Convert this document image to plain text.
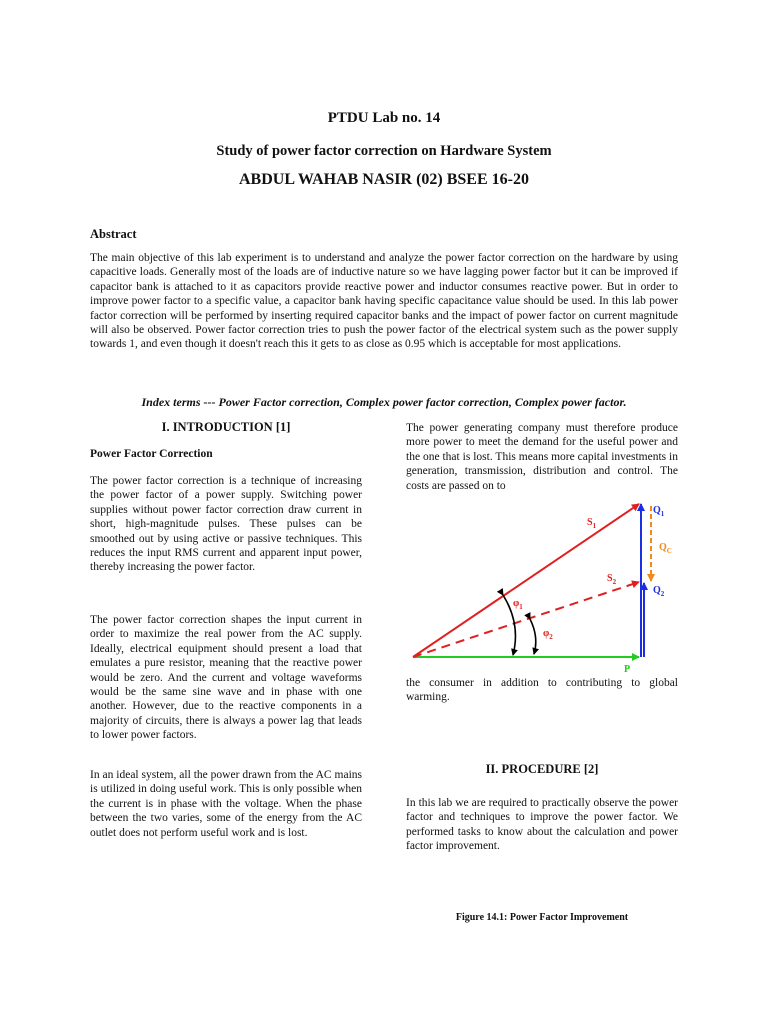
PTDU Lab no. 14
Study of power factor correction on Hardware System
ABDUL WAHAB NASIR (02) BSEE 16-20
Abstract
The main objective of this lab experiment is to understand and analyze the power factor correction on the hardware by using capacitive loads. Generally most of the loads are of inductive nature so we have lagging power factor but it can be improved if capacitor bank is attached to it as capacitors provide reactive power and inductor consumes reactive power. But in order to improve power factor to a specific value, a capacitor bank having specific capacitance value should be used. In this lab power factor correction will be performed by inserting required capacitor banks and the impact of power factor on current magnitude will also be observed. Power factor correction tries to push the power factor of the electrical system such as the power supply towards 1, and even though it doesn't reach this it gets to as close as 0.95 which is acceptable for most applications.
Index terms --- Power Factor correction, Complex power factor correction, Complex power factor.
I. INTRODUCTION [1]
Power Factor Correction
The power factor correction is a technique of increasing the power factor of a power supply. Switching power supplies without power factor correction draw current in short, high-magnitude pulses. These pulses can be smoothed out by using active or passive techniques. This reduces the input RMS current and apparent input power, thereby increasing the power factor.
The power factor correction shapes the input current in order to maximize the real power from the AC supply. Ideally, electrical equipment should present a load that emulates a pure resistor, meaning that the reactive power would be zero. And the current and voltage waveforms would be the same sine wave and in phase with one another. However, due to the reactive components in a majority of circuits, there is always a power lag that leads to lower power factors.
In an ideal system, all the power drawn from the AC mains is utilized in doing useful work. This is only possible when the current is in phase with the voltage. When the phase between the two varies, some of the energy from the AC outlet does not perform useful work and is lost.
The power generating company must therefore produce more power to meet the demand for the useful power and the one that is lost. This means more capital investments in generation, transmission, distribution and control. The costs are passed on to
$S_1$
$S_2$
$Q_1$
$Q_C$
$Q_2$
$\varphi_1$
$\varphi_2$
P
the consumer in addition to contributing to global warming.
II. PROCEDURE [2]
In this lab we are required to practically observe the power factor and techniques to improve the power factor. We performed tasks to know about the calculation and power factor improvement.
Figure 14.1: Power Factor Improvement
